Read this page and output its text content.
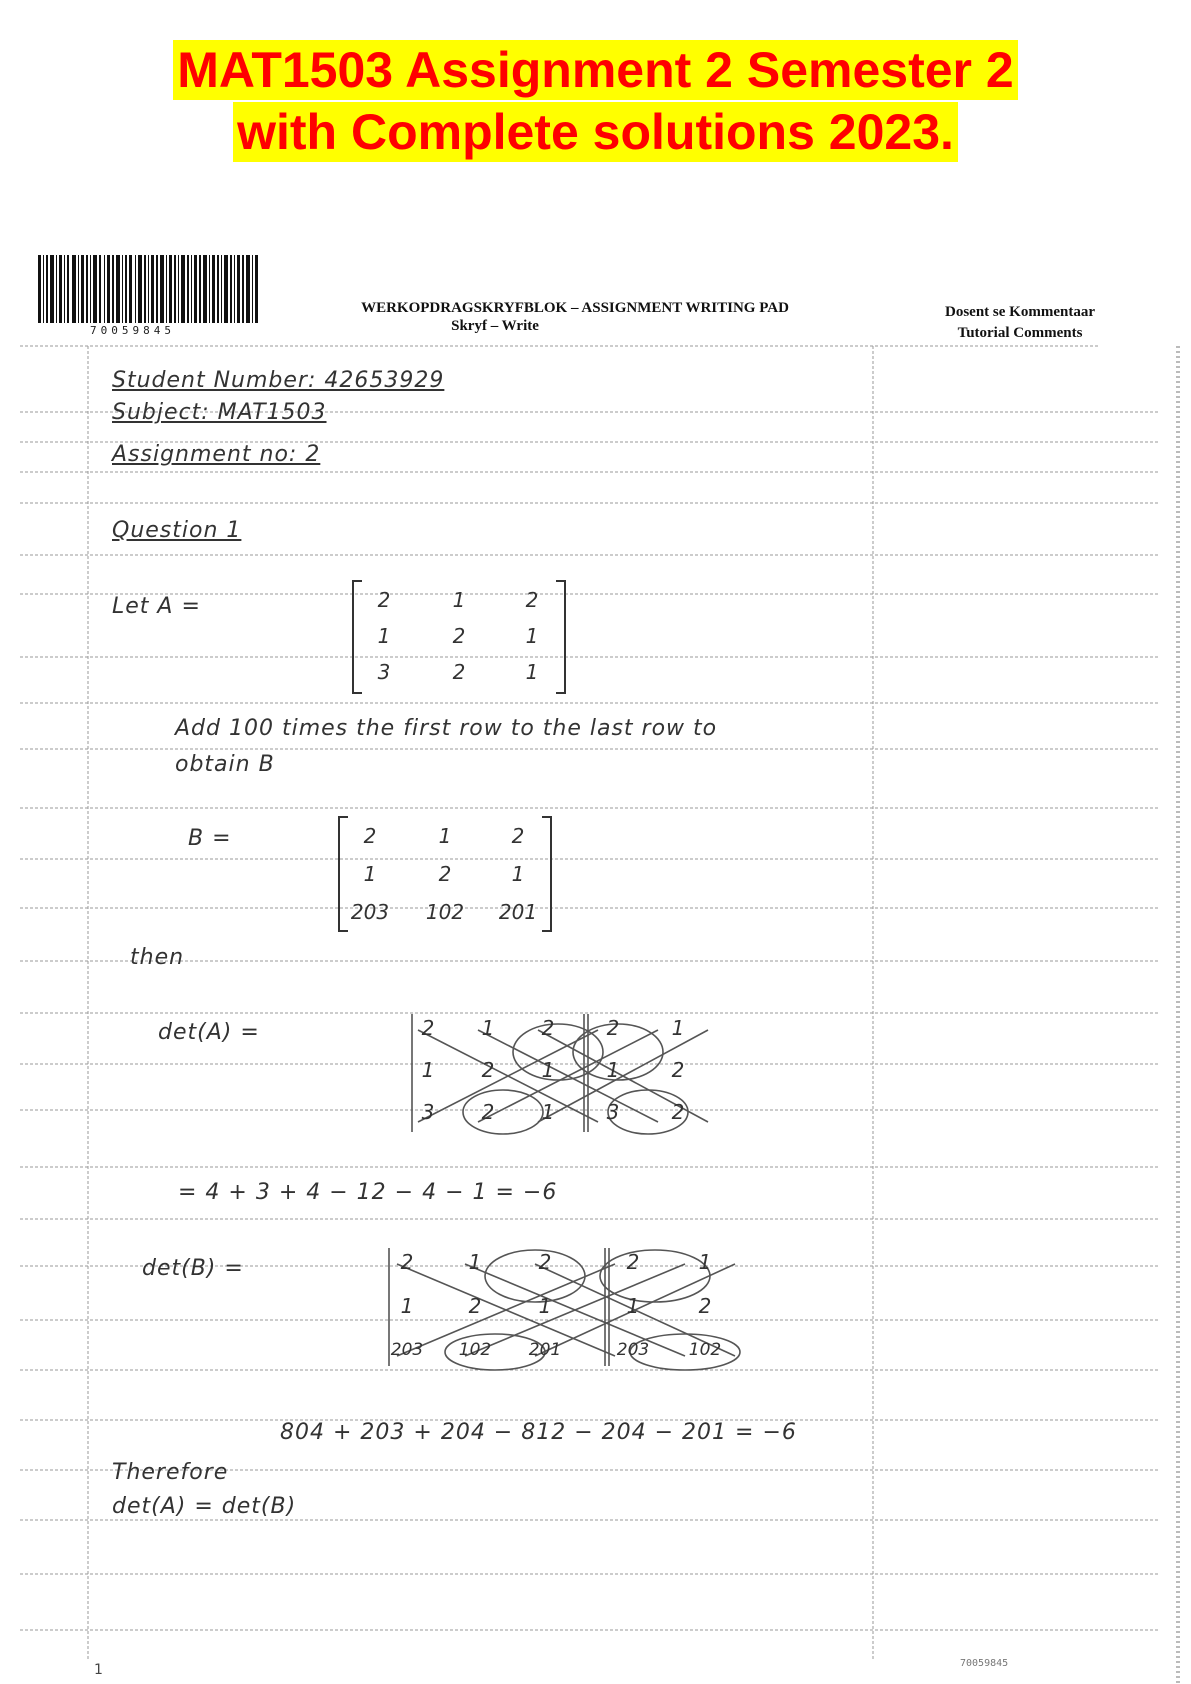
MAT1503 Assignment 2 Semester 2
with Complete solutions 2023.
70059845
WERKOPDRAGSKRYFBLOK – ASSIGNMENT WRITING PAD
Skryf – Write
Dosent se Kommentaar
Tutorial Comments
Student Number: 42653929
Subject: MAT1503
Assignment no: 2
Question 1
Let A =	2	1	2
1	2	1
3	2	1
Add 100 times the first row to the last row to
obtain B
B =	2	1	2
1	2	1
203	102	201
then
det(A) =	2	1	2	2	1
1	2	1	1	2
3	2	1	3	2
= 4 + 3 + 4 − 12 − 4 − 1 = −6
det(B) =	2	1	2	2	1
1	2	1	1	2
203	102	201	203	102
804 + 203 + 204 − 812 − 204 − 201 = −6
Therefore
det(A) = det(B)
1	70059845
